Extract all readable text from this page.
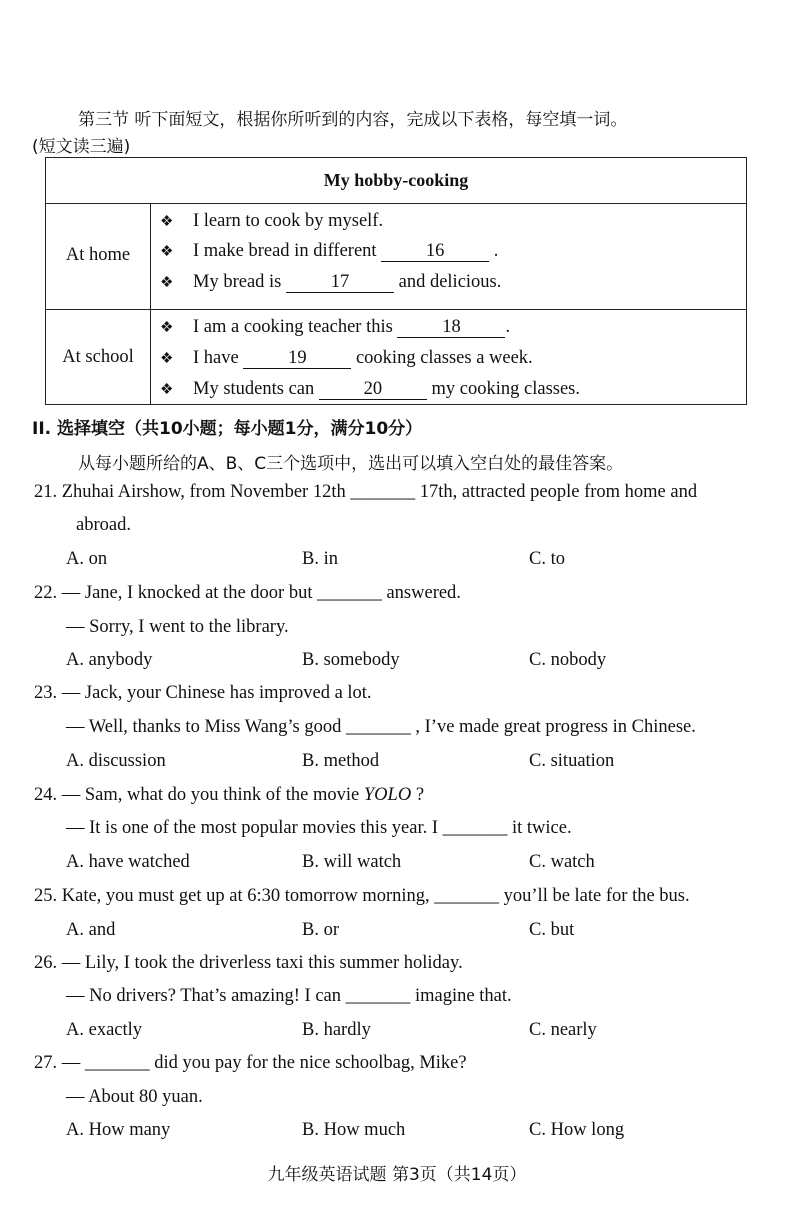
第三节 听下面短文，根据你所听到的内容，完成以下表格，每空填一词。
(短文读三遍)
My hobby-cooking
At home
❖ I learn to cook by myself.
❖ I make bread in different	16	.
❖ My bread is	17	and delicious.
At school
❖ I am a cooking teacher this	18 .
❖ I have	19	cooking classes a week.
❖ My students can	20	my cooking classes.
II. 选择填空（共10小题；每小题1分，满分10分）
从每小题所给的A、B、C三个选项中，选出可以填入空白处的最佳答案。
21. Zhuhai Airshow, from November 12th _______ 17th, attracted people from home and
abroad.
A. on	B. in	C. to
22. — Jane, I knocked at the door but _______ answered.
— Sorry, I went to the library.
A. anybody	B. somebody	C. nobody
23. — Jack, your Chinese has improved a lot.
— Well, thanks to Miss Wang’s good _______ , I’ve made great progress in Chinese.
A. discussion	B. method	C. situation
24. — Sam, what do you think of the movie YOLO ?
— It is one of the most popular movies this year. I _______ it twice.
A. have watched	B. will watch	C. watch
25. Kate, you must get up at 6:30 tomorrow morning, _______ you’ll be late for the bus.
A. and	B. or	C. but
26. — Lily, I took the driverless taxi this summer holiday.
— No drivers? That’s amazing! I can _______ imagine that.
A. exactly	B. hardly	C. nearly
27. — _______ did you pay for the nice schoolbag, Mike?
— About 80 yuan.
A. How many	B. How much	C. How long
九年级英语试题 第3页（共14页）
